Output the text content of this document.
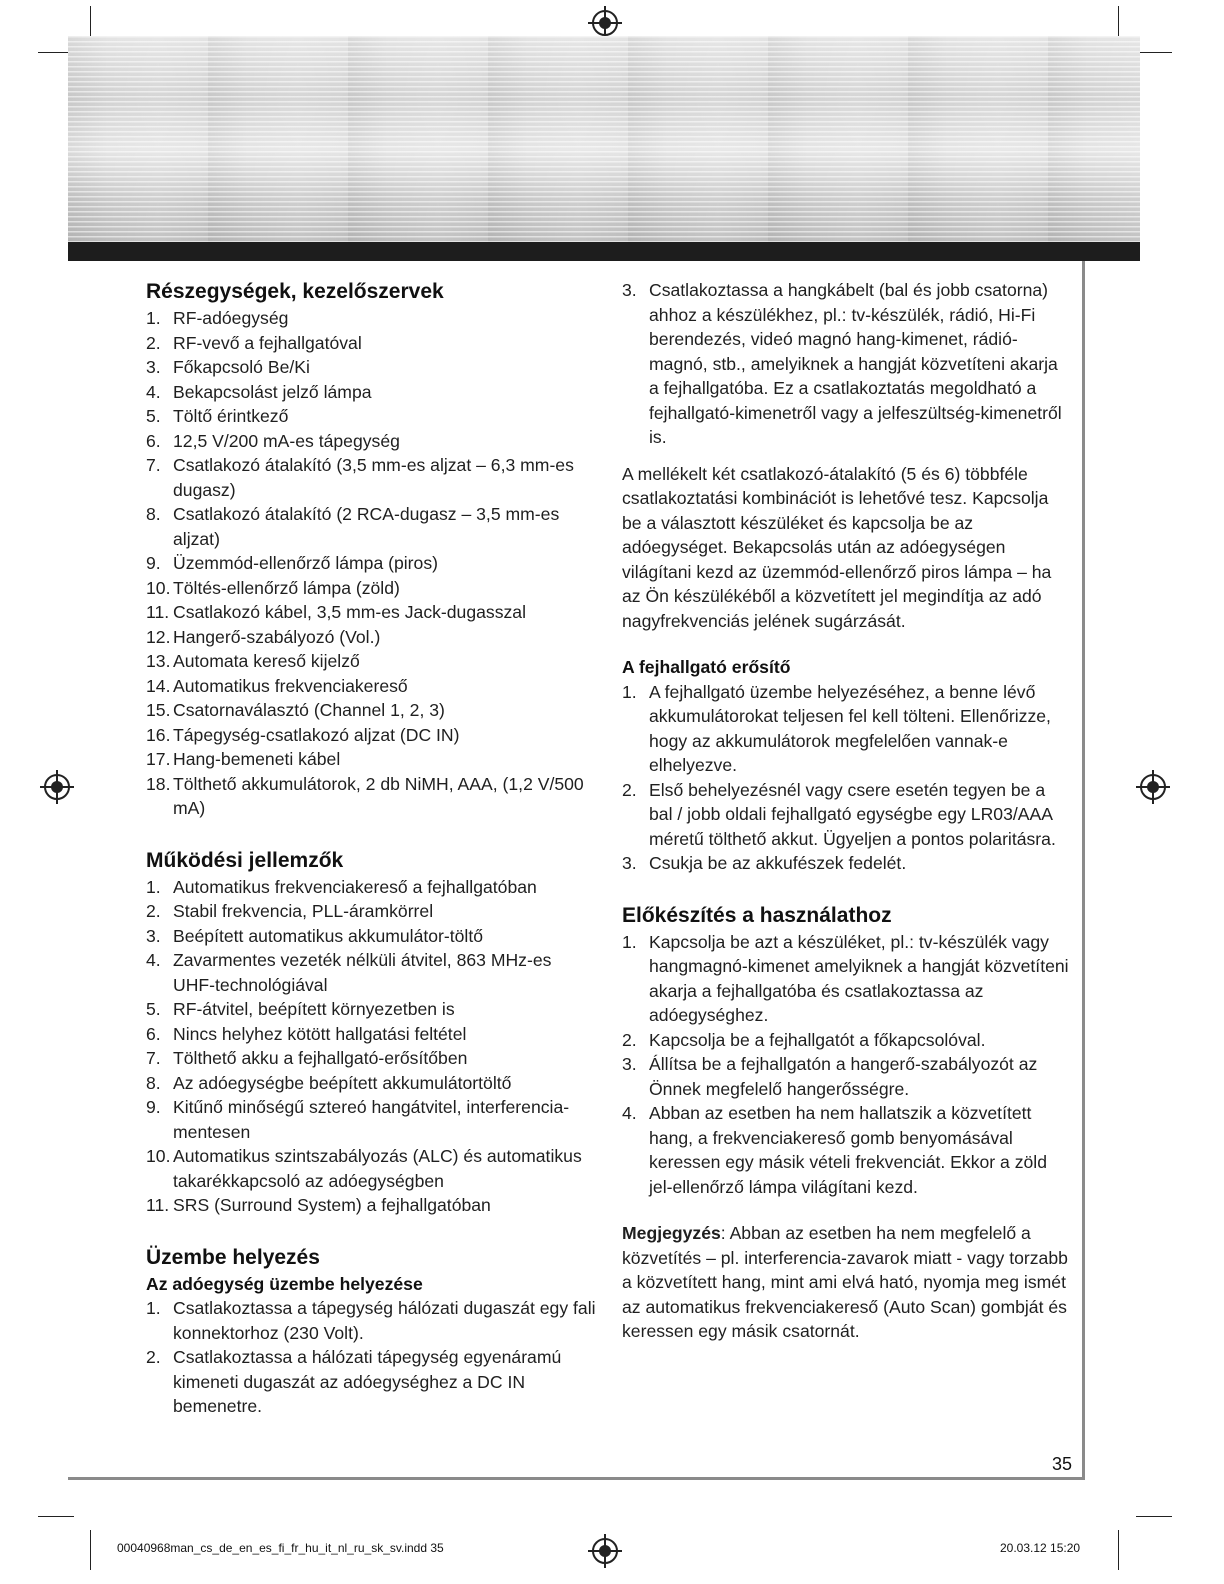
Részegységek, kezelőszervek
1. RF-adóegység
2. RF-vevő a fejhallgatóval
3. Főkapcsoló Be/Ki
4. Bekapcsolást jelző lámpa
5. Töltő érintkező
6. 12,5 V/200 mA-es tápegység
7. Csatlakozó átalakító (3,5 mm-es aljzat – 6,3 mm-es dugasz)
8. Csatlakozó átalakító (2 RCA-dugasz – 3,5 mm-es aljzat)
9. Üzemmód-ellenőrző lámpa (piros)
10. Töltés-ellenőrző lámpa (zöld)
11. Csatlakozó kábel, 3,5 mm-es Jack-dugasszal
12. Hangerő-szabályozó (Vol.)
13. Automata kereső kijelző
14. Automatikus frekvenciakereső
15. Csatornaválasztó (Channel 1, 2, 3)
16. Tápegység-csatlakozó aljzat (DC IN)
17. Hang-bemeneti kábel
18. Tölthető akkumulátorok, 2 db NiMH, AAA, (1,2 V/500 mA)
Működési jellemzők
1. Automatikus frekvenciakereső a fejhallgatóban
2. Stabil frekvencia, PLL-áramkörrel
3. Beépített automatikus akkumulátor-töltő
4. Zavarmentes vezeték nélküli átvitel, 863 MHz-es UHF-technológiával
5. RF-átvitel, beépített környezetben is
6. Nincs helyhez kötött hallgatási feltétel
7. Tölthető akku a fejhallgató-erősítőben
8. Az adóegységbe beépített akkumulátortöltő
9. Kitűnő minőségű sztereó hangátvitel, interferencia-mentesen
10. Automatikus szintszabályozás (ALC) és automatikus takarékkapcsoló az adóegységben
11. SRS (Surround System) a fejhallgatóban
Üzembe helyezés
Az adóegység üzembe helyezése
1. Csatlakoztassa a tápegység hálózati dugaszát egy fali konnektorhoz (230 Volt).
2. Csatlakoztassa a hálózati tápegység egyenáramú kimeneti dugaszát az adóegységhez a DC IN bemenetre.
3. Csatlakoztassa a hangkábelt (bal és jobb csatorna) ahhoz a készülékhez, pl.: tv-készülék, rádió, Hi-Fi berendezés, videó magnó hang-kimenet, rádió-magnó, stb., amelyiknek a hangját közvetíteni akarja a fejhallgatóba. Ez a csatlakoztatás megoldható a fejhallgató-kimenetről vagy a jelfeszültség-kimenetről is.

A mellékelt két csatlakozó-átalakító (5 és 6) többféle csatlakoztatási kombinációt is lehetővé tesz. Kapcsolja be a választott készüléket és kapcsolja be az adóegységet. Bekapcsolás után az adóegységen világítani kezd az üzemmód-ellenőrző piros lámpa – ha az Ön készülékéből a közvetített jel megindítja az adó nagyfrekvenciás jelének sugárzását.

A fejhallgató erősítő
1. A fejhallgató üzembe helyezéséhez, a benne lévő akkumulátorokat teljesen fel kell tölteni. Ellenőrizze, hogy az akkumulátorok megfelelően vannak-e elhelyezve.
2. Első behelyezésnél vagy csere esetén tegyen be a bal / jobb oldali fejhallgató egységbe egy LR03/AAA méretű tölthető akkut. Ügyeljen a pontos polaritásra.
3. Csukja be az akkufészek fedelét.
Előkészítés a használathoz
1. Kapcsolja be azt a készüléket, pl.: tv-készülék vagy hangmagnó-kimenet amelyiknek a hangját közvetíteni akarja a fejhallgatóba és csatlakoztassa az adóegységhez.
2. Kapcsolja be a fejhallgatót a főkapcsolóval.
3. Állítsa be a fejhallgatón a hangerő-szabályozót az Önnek megfelelő hangerősségre.
4. Abban az esetben ha nem hallatszik a közvetített hang, a frekvenciakereső gomb benyomásával keressen egy másik vételi frekvenciát. Ekkor a zöld jel-ellenőrző lámpa világítani kezd.

Megjegyzés: Abban az esetben ha nem megfelelő a közvetítés – pl. interferencia-zavarok miatt - vagy torzabb a közvetített hang, mint ami elvá ható, nyomja meg ismét az automatikus frekvenciakereső (Auto Scan) gombját és keressen egy másik csatornát.

35
00040968man_cs_de_en_es_fi_fr_hu_it_nl_ru_sk_sv.indd 35	20.03.12 15:20
